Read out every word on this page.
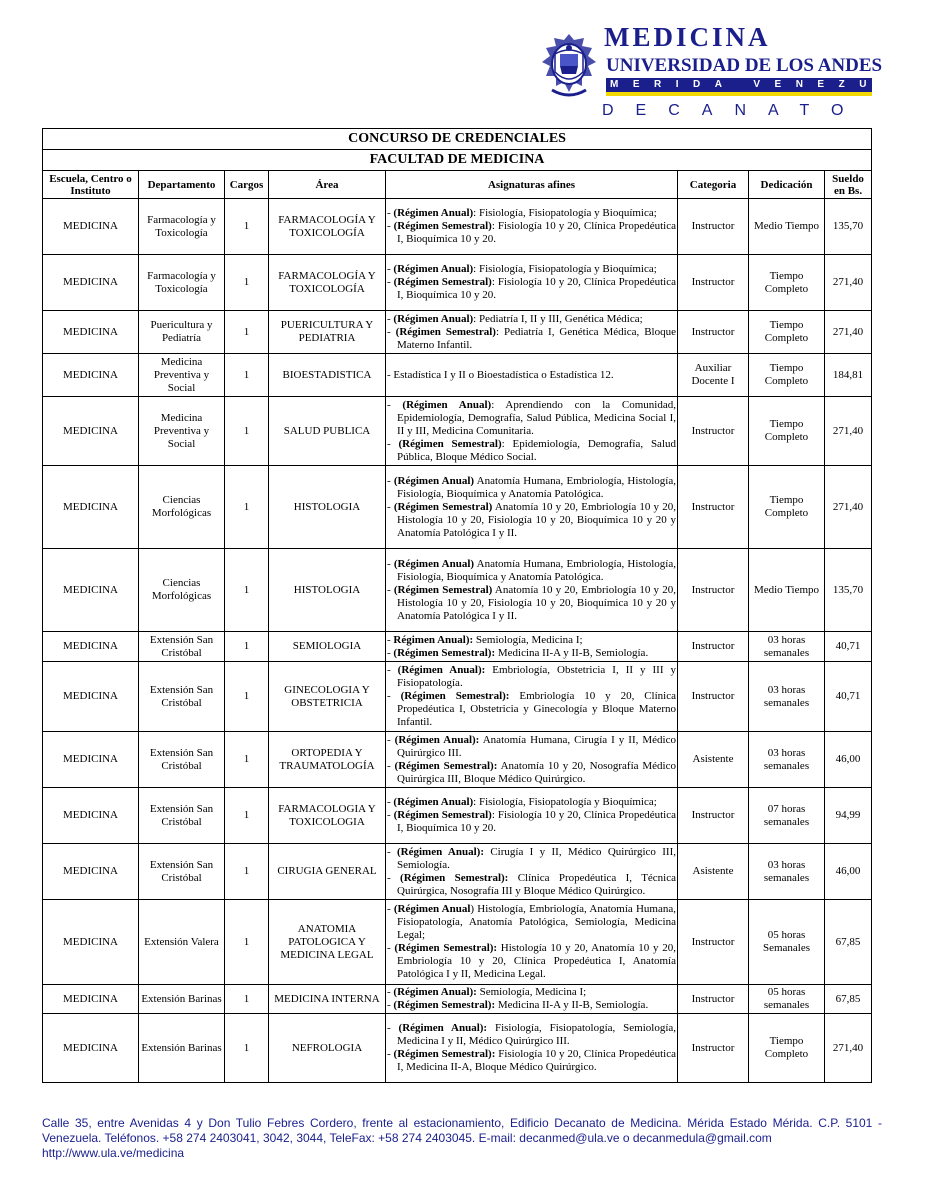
MEDICINA
UNIVERSIDAD DE LOS ANDES
MERIDA VENEZUELA
DECANATO
CONCURSO DE CREDENCIALES							
FACULTAD DE MEDICINA							
Escuela, Centro o Instituto	Departamento	Cargos	Área	Asignaturas afines	Categoria	Dedicación	Sueldo en Bs.
MEDICINA	Farmacología y Toxicología	1	FARMACOLOGÍA Y TOXICOLOGÍA	- (Régimen Anual): Fisiología, Fisiopatología y Bioquímica;
- (Régimen Semestral): Fisiología 10 y 20, Clínica Propedéutica I, Bioquímica 10 y 20.	Instructor	Medio Tiempo	135,70
MEDICINA	Farmacología y Toxicología	1	FARMACOLOGÍA Y TOXICOLOGÍA	- (Régimen Anual): Fisiología, Fisiopatología y Bioquímica;
- (Régimen Semestral): Fisiología 10 y 20, Clínica Propedéutica I, Bioquímica 10 y 20.	Instructor	Tiempo Completo	271,40
MEDICINA	Puericultura y Pediatría	1	PUERICULTURA Y PEDIATRIA	- (Régimen Anual): Pediatría I, II y III, Genética Médica;
- (Régimen Semestral): Pediatría I, Genética Médica, Bloque Materno Infantil.	Instructor	Tiempo Completo	271,40
MEDICINA	Medicina Preventiva y Social	1	BIOESTADISTICA	- Estadística I y II o Bioestadística o Estadística 12.	Auxiliar Docente I	Tiempo Completo	184,81
MEDICINA	Medicina Preventiva y Social	1	SALUD PUBLICA	- (Régimen Anual): Aprendiendo con la Comunidad, Epidemiología, Demografía, Salud Pública, Medicina Social I, II y III, Medicina Comunitaria.
- (Régimen Semestral): Epidemiología, Demografía, Salud Pública, Bloque Médico Social.	Instructor	Tiempo Completo	271,40
MEDICINA	Ciencias Morfológicas	1	HISTOLOGIA	- (Régimen Anual) Anatomía Humana, Embriología, Histología, Fisiología, Bioquímica y Anatomía Patológica.
- (Régimen Semestral) Anatomía 10 y 20, Embriología 10 y 20, Histología 10 y 20, Fisiología 10 y 20, Bioquímica 10 y 20 y Anatomía Patológica I y II.	Instructor	Tiempo Completo	271,40
MEDICINA	Ciencias Morfológicas	1	HISTOLOGIA	- (Régimen Anual) Anatomía Humana, Embriología, Histología, Fisiología, Bioquímica y Anatomía Patológica.
- (Régimen Semestral) Anatomía 10 y 20, Embriología 10 y 20, Histología 10 y 20, Fisiología 10 y 20, Bioquímica 10 y 20 y Anatomía Patológica I y II.	Instructor	Medio Tiempo	135,70
MEDICINA	Extensión San Cristóbal	1	SEMIOLOGIA	- Régimen Anual): Semiología, Medicina I;
- (Régimen Semestral): Medicina II-A y II-B, Semiología.	Instructor	03 horas semanales	40,71
MEDICINA	Extensión San Cristóbal	1	GINECOLOGIA Y OBSTETRICIA	- (Régimen Anual): Embriología, Obstetricia I, II y III y Fisiopatología.
- (Régimen Semestral): Embriología 10 y 20, Clínica Propedéutica I, Obstetricia y Ginecología y Bloque Materno Infantil.	Instructor	03 horas semanales	40,71
MEDICINA	Extensión San Cristóbal	1	ORTOPEDIA Y TRAUMATOLOGÍA	- (Régimen Anual): Anatomía Humana, Cirugía I y II, Médico Quirúrgico III.
- (Régimen Semestral): Anatomía 10 y 20, Nosografía Médico Quirúrgica III, Bloque Médico Quirúrgico.	Asistente	03 horas semanales	46,00
MEDICINA	Extensión San Cristóbal	1	FARMACOLOGIA Y TOXICOLOGIA	- (Régimen Anual): Fisiología, Fisiopatología y Bioquímica;
- (Régimen Semestral): Fisiología 10 y 20, Clínica Propedéutica I, Bioquímica 10 y 20.	Instructor	07 horas semanales	94,99
MEDICINA	Extensión San Cristóbal	1	CIRUGIA GENERAL	- (Régimen Anual): Cirugía I y II, Médico Quirúrgico III, Semiología.
- (Régimen Semestral): Clínica Propedéutica I, Técnica Quirúrgica, Nosografía III y Bloque Médico Quirúrgico.	Asistente	03 horas semanales	46,00
MEDICINA	Extensión Valera	1	ANATOMIA PATOLOGICA Y MEDICINA LEGAL	- (Régimen Anual) Histología, Embriología, Anatomía Humana, Fisiopatología, Anatomía Patológica, Semiología, Medicina Legal;
- (Régimen Semestral): Histología 10 y 20, Anatomía 10 y 20, Embriología 10 y 20, Clínica Propedéutica I, Anatomía Patológica I y II, Medicina Legal.	Instructor	05 horas Semanales	67,85
MEDICINA	Extensión Barinas	1	MEDICINA INTERNA	- (Régimen Anual): Semiología, Medicina I;
- (Régimen Semestral): Medicina II-A y II-B, Semiología.	Instructor	05 horas semanales	67,85
MEDICINA	Extensión Barinas	1	NEFROLOGIA	- (Régimen Anual): Fisiología, Fisiopatología, Semiología, Medicina I y II, Médico Quirúrgico III.
- (Régimen Semestral): Fisiología 10 y 20, Clínica Propedéutica I, Medicina II-A, Bloque Médico Quirúrgico.	Instructor	Tiempo Completo	271,40
Calle 35, entre Avenidas 4 y Don Tulio Febres Cordero, frente al estacionamiento, Edificio Decanato de Medicina. Mérida Estado Mérida. C.P. 5101 - Venezuela. Teléfonos. +58 274 2403041, 3042, 3044, TeleFax: +58 274 2403045. E-mail: decanmed@ula.ve o decanmedula@gmail.com
http://www.ula.ve/medicina
